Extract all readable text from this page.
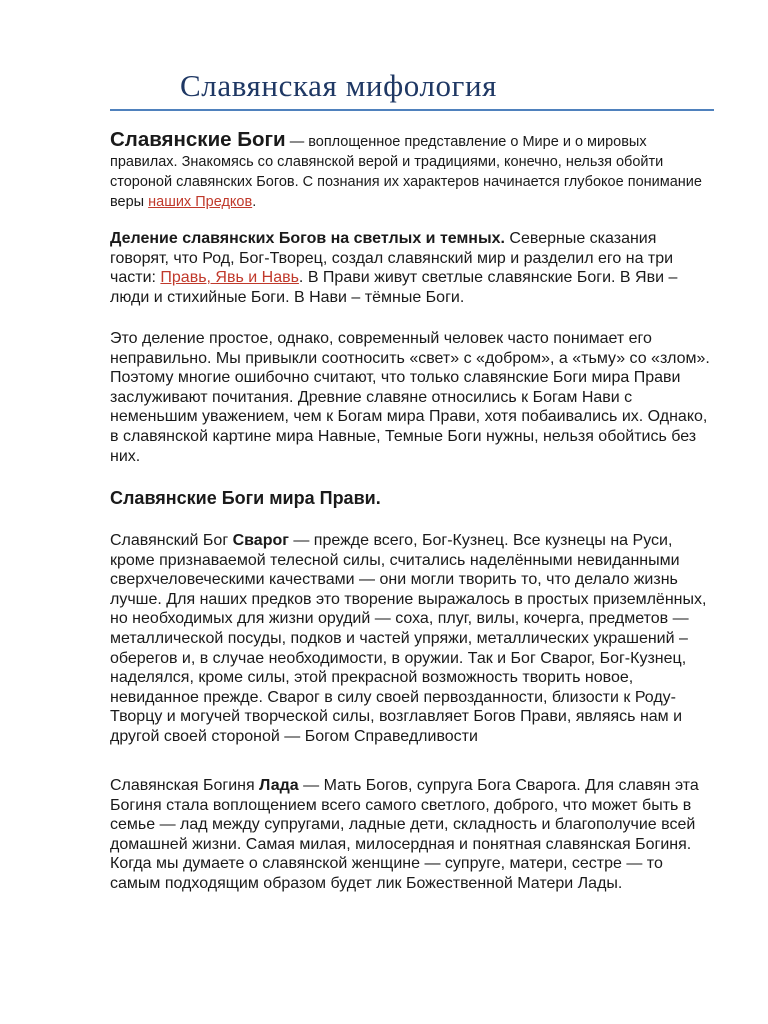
Славянская мифология

Славянские Боги — воплощенное представление о Мире и о мировых правилах. Знакомясь со славянской верой и традициями, конечно, нельзя обойти стороной славянских Богов. С познания их характеров начинается глубокое понимание веры наших Предков.

Деление славянских Богов на светлых и темных. Северные сказания говорят, что Род, Бог-Творец, создал славянский мир и разделил его на три части: Правь, Явь и Навь. В Прави живут светлые славянские Боги. В Яви – люди и стихийные Боги. В Нави – тёмные Боги.

Это деление простое, однако, современный человек часто понимает его неправильно. Мы привыкли соотносить «свет» с «добром», а «тьму» со «злом». Поэтому многие ошибочно считают, что только славянские Боги мира Прави заслуживают почитания. Древние славяне относились к Богам Нави с неменьшим уважением, чем к Богам мира Прави, хотя побаивались их. Однако, в славянской картине мира Навные, Темные Боги нужны, нельзя обойтись без них.

Славянские Боги мира Прави.

Славянский Бог Сварог — прежде всего, Бог-Кузнец. Все кузнецы на Руси, кроме признаваемой телесной силы, считались наделёнными невиданными сверхчеловеческими качествами — они могли творить то, что делало жизнь лучше. Для наших предков это творение выражалось в простых приземлённых, но необходимых для жизни орудий — соха, плуг, вилы, кочерга, предметов — металлической посуды, подков и частей упряжи, металлических украшений – оберегов и, в случае необходимости, в оружии. Так и Бог Сварог, Бог-Кузнец, наделялся, кроме силы, этой прекрасной возможность творить новое, невиданное прежде. Сварог в силу своей первозданности, близости к Роду-Творцу и могучей творческой силы, возглавляет Богов Прави, являясь нам и другой своей стороной — Богом Справедливости

Славянская Богиня Лада — Мать Богов, супруга Бога Сварога. Для славян эта Богиня стала воплощением всего самого светлого, доброго, что может быть в семье — лад между супругами, ладные дети, складность и благополучие всей домашней жизни. Самая милая, милосердная и понятная славянская Богиня. Когда мы думаете о славянской женщине — супруге, матери, сестре — то самым подходящим образом будет лик Божественной Матери Лады.
